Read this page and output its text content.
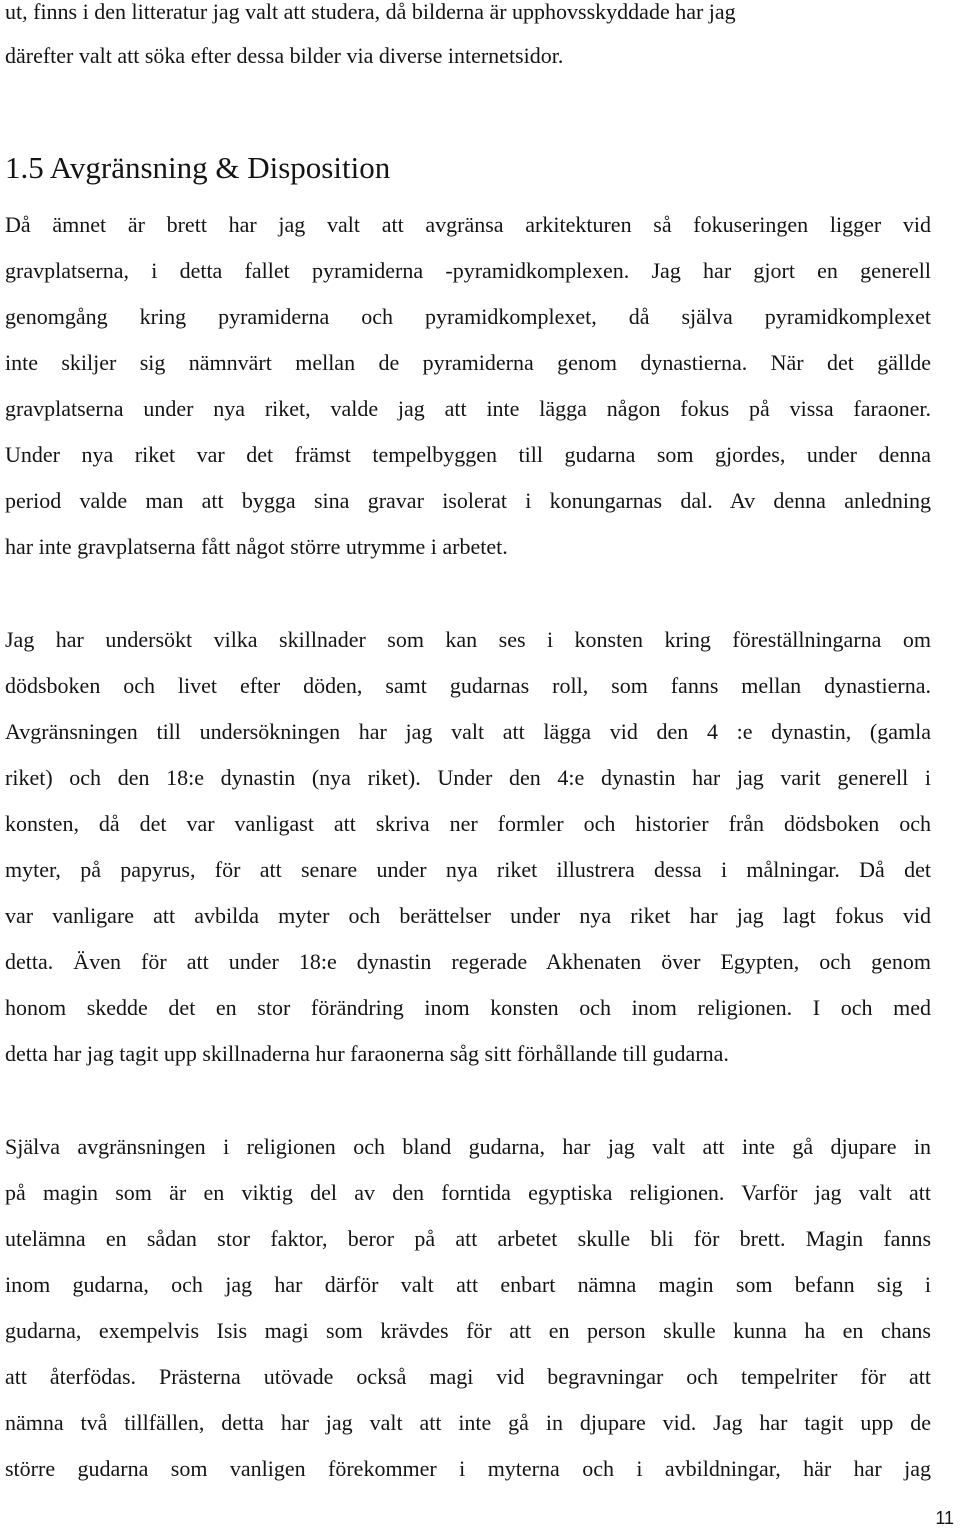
ut, finns i den litteratur jag valt att studera, då bilderna är upphovsskyddade har jag
därefter valt att söka efter dessa bilder via diverse internetsidor.
1.5 Avgränsning & Disposition
Då ämnet är brett har jag valt att avgränsa arkitekturen så fokuseringen ligger vid
gravplatserna, i detta fallet pyramiderna -pyramidkomplexen. Jag har gjort en generell
genomgång kring pyramiderna och pyramidkomplexet, då själva pyramidkomplexet
inte skiljer sig nämnvärt mellan de pyramiderna genom dynastierna. När det gällde
gravplatserna under nya riket, valde jag att inte lägga någon fokus på vissa faraoner.
Under nya riket var det främst tempelbyggen till gudarna som gjordes, under denna
period valde man att bygga sina gravar isolerat i konungarnas dal. Av denna anledning
har inte gravplatserna fått något större utrymme i arbetet.
Jag har undersökt vilka skillnader som kan ses i konsten kring föreställningarna om
dödsboken och livet efter döden, samt gudarnas roll, som fanns mellan dynastierna.
Avgränsningen till undersökningen har jag valt att lägga vid den 4 :e dynastin, (gamla
riket) och den 18:e dynastin (nya riket). Under den 4:e dynastin har jag varit generell i
konsten, då det var vanligast att skriva ner formler och historier från dödsboken och
myter, på papyrus, för att senare under nya riket illustrera dessa i målningar. Då det
var vanligare att avbilda myter och berättelser under nya riket har jag lagt fokus vid
detta. Även för att under 18:e dynastin regerade Akhenaten över Egypten, och genom
honom skedde det en stor förändring inom konsten och inom religionen. I och med
detta har jag tagit upp skillnaderna hur faraonerna såg sitt förhållande till gudarna.
Själva avgränsningen i religionen och bland gudarna, har jag valt att inte gå djupare in
på magin som är en viktig del av den forntida egyptiska religionen. Varför jag valt att
utelämna en sådan stor faktor, beror på att arbetet skulle bli för brett. Magin fanns
inom gudarna, och jag har därför valt att enbart nämna magin som befann sig i
gudarna, exempelvis Isis magi som krävdes för att en person skulle kunna ha en chans
att återfödas. Prästerna utövade också magi vid begravningar och tempelriter för att
nämna två tillfällen, detta har jag valt att inte gå in djupare vid. Jag har tagit upp de
större gudarna som vanligen förekommer i myterna och i avbildningar, här har jag
11
